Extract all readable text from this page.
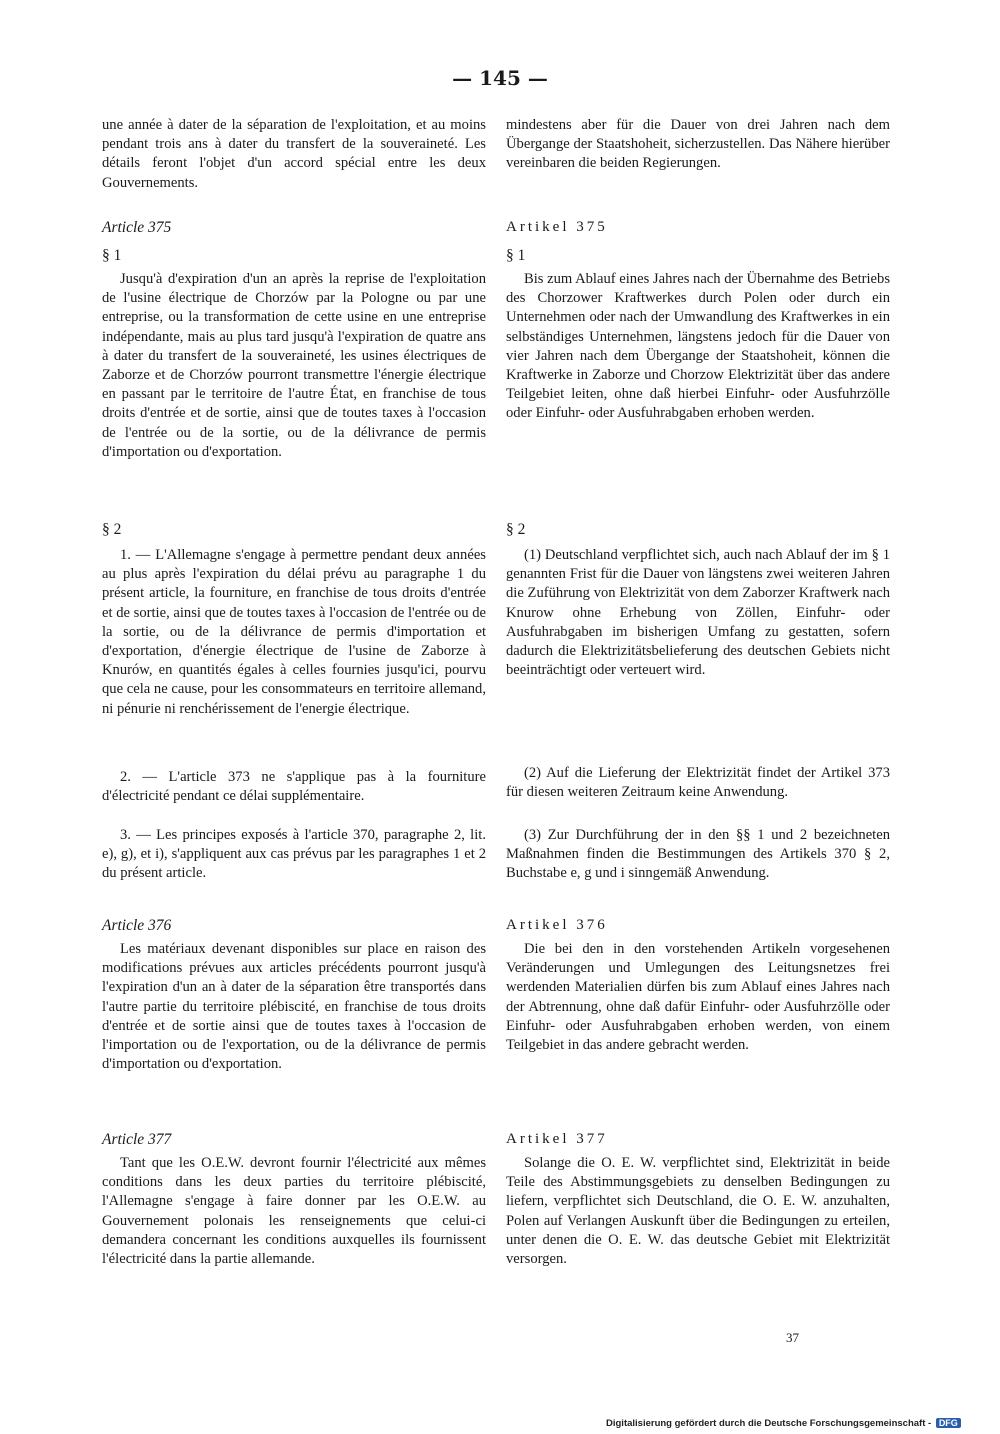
— 145 —

une année à dater de la séparation de l'exploitation, et au moins pendant trois ans à dater du transfert de la souveraineté. Les détails feront l'objet d'un accord spécial entre les deux Gouvernements.

Article 375

§ 1

Jusqu'à d'expiration d'un an après la reprise de l'exploitation de l'usine électrique de Chorzów par la Pologne ou par une entreprise, ou la transformation de cette usine en une entreprise indépendante, mais au plus tard jusqu'à l'expiration de quatre ans à dater du transfert de la souveraineté, les usines électriques de Zaborze et de Chorzów pourront transmettre l'énergie électrique en passant par le territoire de l'autre État, en franchise de tous droits d'entrée et de sortie, ainsi que de toutes taxes à l'occasion de l'entrée ou de la sortie, ou de la délivrance de permis d'importation ou d'exportation.

§ 2

1. — L'Allemagne s'engage à permettre pendant deux années au plus après l'expiration du délai prévu au paragraphe 1 du présent article, la fourniture, en franchise de tous droits d'entrée et de sortie, ainsi que de toutes taxes à l'occasion de l'entrée ou de la sortie, ou de la délivrance de permis d'importation et d'exportation, d'énergie électrique de l'usine de Zaborze à Knurów, en quantités égales à celles fournies jusqu'ici, pourvu que cela ne cause, pour les consommateurs en territoire allemand, ni pénurie ni renchérissement de l'energie électrique.

2. — L'article 373 ne s'applique pas à la fourniture d'électricité pendant ce délai supplémentaire.

3. — Les principes exposés à l'article 370, paragraphe 2, lit. e), g), et i), s'appliquent aux cas prévus par les paragraphes 1 et 2 du présent article.

Article 376

Les matériaux devenant disponibles sur place en raison des modifications prévues aux articles précédents pourront jusqu'à l'expiration d'un an à dater de la séparation être transportés dans l'autre partie du territoire plébiscité, en franchise de tous droits d'entrée et de sortie ainsi que de toutes taxes à l'occasion de l'importation ou de l'exportation, ou de la délivrance de permis d'importation ou d'exportation.

Article 377

Tant que les O.E.W. devront fournir l'électricité aux mêmes conditions dans les deux parties du territoire plébiscité, l'Allemagne s'engage à faire donner par les O.E.W. au Gouvernement polonais les renseignements que celui-ci demandera concernant les conditions auxquelles ils fournissent l'électricité dans la partie allemande.

mindestens aber für die Dauer von drei Jahren nach dem Übergange der Staatshoheit, sicherzustellen. Das Nähere hierüber vereinbaren die beiden Regierungen.

Artikel 375

§ 1

Bis zum Ablauf eines Jahres nach der Übernahme des Betriebs des Chorzower Kraftwerkes durch Polen oder durch ein Unternehmen oder nach der Umwandlung des Kraftwerkes in ein selbständiges Unternehmen, längstens jedoch für die Dauer von vier Jahren nach dem Übergange der Staatshoheit, können die Kraftwerke in Zaborze und Chorzow Elektrizität über das andere Teilgebiet leiten, ohne daß hierbei Einfuhr- oder Ausfuhrzölle oder Einfuhr- oder Ausfuhrabgaben erhoben werden.

§ 2

(1) Deutschland verpflichtet sich, auch nach Ablauf der im § 1 genannten Frist für die Dauer von längstens zwei weiteren Jahren die Zuführung von Elektrizität von dem Zaborzer Kraftwerk nach Knurow ohne Erhebung von Zöllen, Einfuhr- oder Ausfuhrabgaben im bisherigen Umfang zu gestatten, sofern dadurch die Elektrizitätsbelieferung des deutschen Gebiets nicht beeinträchtigt oder verteuert wird.

(2) Auf die Lieferung der Elektrizität findet der Artikel 373 für diesen weiteren Zeitraum keine Anwendung.

(3) Zur Durchführung der in den §§ 1 und 2 bezeichneten Maßnahmen finden die Bestimmungen des Artikels 370 § 2, Buchstabe e, g und i sinngemäß Anwendung.

Artikel 376

Die bei den in den vorstehenden Artikeln vorgesehenen Veränderungen und Umlegungen des Leitungsnetzes frei werdenden Materialien dürfen bis zum Ablauf eines Jahres nach der Abtrennung, ohne daß dafür Einfuhr- oder Ausfuhrzölle oder Einfuhr- oder Ausfuhrabgaben erhoben werden, von einem Teilgebiet in das andere gebracht werden.

Artikel 377

Solange die O. E. W. verpflichtet sind, Elektrizität in beide Teile des Abstimmungsgebiets zu denselben Bedingungen zu liefern, verpflichtet sich Deutschland, die O. E. W. anzuhalten, Polen auf Verlangen Auskunft über die Bedingungen zu erteilen, unter denen die O. E. W. das deutsche Gebiet mit Elektrizität versorgen.

37
Digitalisierung gefördert durch die Deutsche Forschungsgemeinschaft - DFG
